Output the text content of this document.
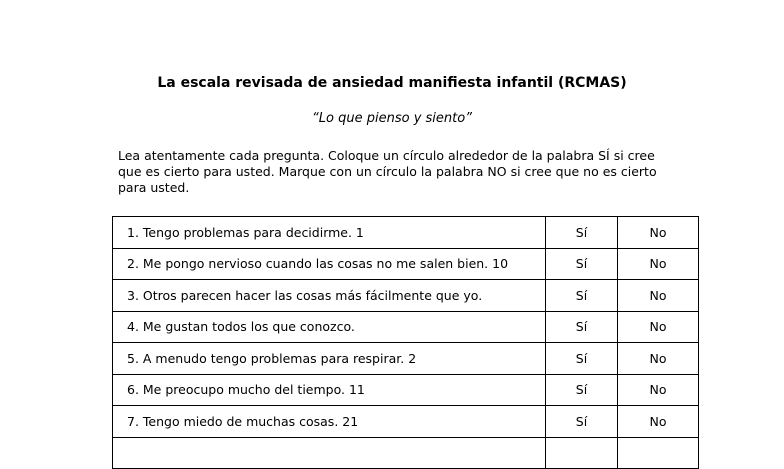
La escala revisada de ansiedad manifiesta infantil (RCMAS)
“Lo que pienso y siento”
Lea atentamente cada pregunta. Coloque un círculo alrededor de la palabra SÍ si cree que es cierto para usted. Marque con un círculo la palabra NO si cree que no es cierto para usted.
1. Tengo problemas para decidirme. 1	Sí	No
2. Me pongo nervioso cuando las cosas no me salen bien. 10	Sí	No
3. Otros parecen hacer las cosas más fácilmente que yo.	Sí	No
4. Me gustan todos los que conozco.	Sí	No
5. A menudo tengo problemas para respirar. 2	Sí	No
6. Me preocupo mucho del tiempo. 11	Sí	No
7. Tengo miedo de muchas cosas. 21	Sí	No
